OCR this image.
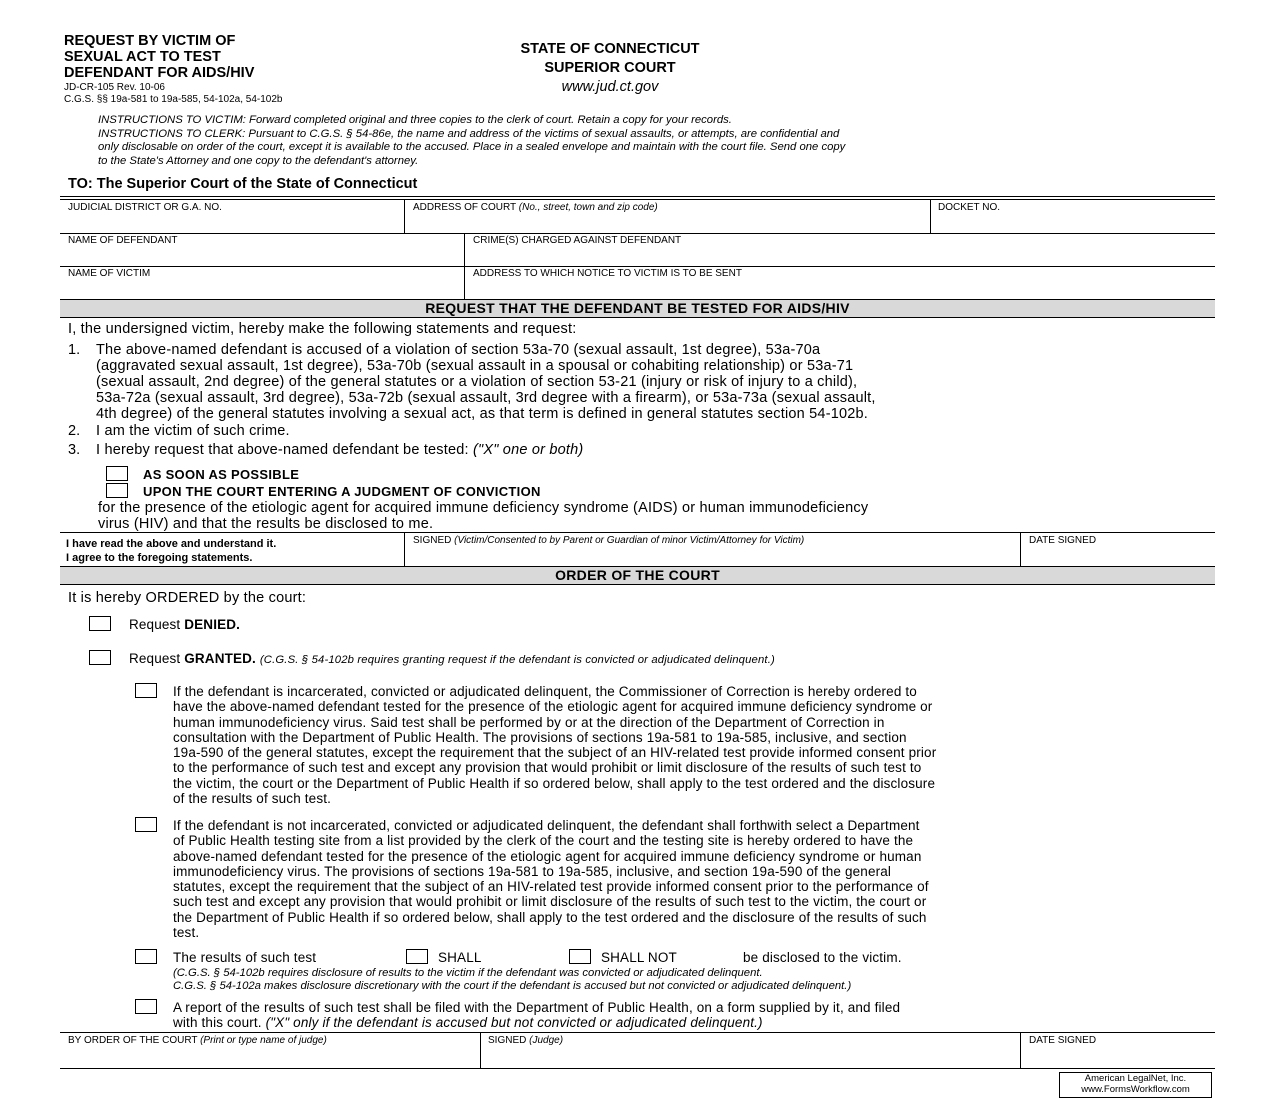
REQUEST BY VICTIM OF
SEXUAL ACT TO TEST
DEFENDANT FOR AIDS/HIV
JD-CR-105 Rev. 10-06
C.G.S. §§ 19a-581 to 19a-585, 54-102a, 54-102b
STATE OF CONNECTICUT
SUPERIOR COURT
www.jud.ct.gov
INSTRUCTIONS TO VICTIM: Forward completed original and three copies to the clerk of court. Retain a copy for your records.
INSTRUCTIONS TO CLERK: Pursuant to C.G.S. § 54-86e, the name and address of the victims of sexual assaults, or attempts, are confidential and
only disclosable on order of the court, except it is available to the accused. Place in a sealed envelope and maintain with the court file. Send one copy
to the State's Attorney and one copy to the defendant's attorney.
TO: The Superior Court of the State of Connecticut
JUDICIAL DISTRICT OR G.A. NO.	ADDRESS OF COURT (No., street, town and zip code)	DOCKET NO.
NAME OF DEFENDANT	CRIME(S) CHARGED AGAINST DEFENDANT
NAME OF VICTIM	ADDRESS TO WHICH NOTICE TO VICTIM IS TO BE SENT
REQUEST THAT THE DEFENDANT BE TESTED FOR AIDS/HIV
I, the undersigned victim, hereby make the following statements and request:
1. The above-named defendant is accused of a violation of section 53a-70 (sexual assault, 1st degree), 53a-70a
(aggravated sexual assault, 1st degree), 53a-70b (sexual assault in a spousal or cohabiting relationship) or 53a-71
(sexual assault, 2nd degree) of the general statutes or a violation of section 53-21 (injury or risk of injury to a child),
53a-72a (sexual assault, 3rd degree), 53a-72b (sexual assault, 3rd degree with a firearm), or 53a-73a (sexual assault,
4th degree) of the general statutes involving a sexual act, as that term is defined in general statutes section 54-102b.
2. I am the victim of such crime.
3. I hereby request that above-named defendant be tested: ("X" one or both)
AS SOON AS POSSIBLE
UPON THE COURT ENTERING A JUDGMENT OF CONVICTION
for the presence of the etiologic agent for acquired immune deficiency syndrome (AIDS) or human immunodeficiency
virus (HIV) and that the results be disclosed to me.
I have read the above and understand it.
I agree to the foregoing statements.
SIGNED (Victim/Consented to by Parent or Guardian of minor Victim/Attorney for Victim)	DATE SIGNED
ORDER OF THE COURT
It is hereby ORDERED by the court:
Request DENIED.
Request GRANTED. (C.G.S. § 54-102b requires granting request if the defendant is convicted or adjudicated delinquent.)
If the defendant is incarcerated, convicted or adjudicated delinquent, the Commissioner of Correction is hereby ordered to
have the above-named defendant tested for the presence of the etiologic agent for acquired immune deficiency syndrome or
human immunodeficiency virus. Said test shall be performed by or at the direction of the Department of Correction in
consultation with the Department of Public Health. The provisions of sections 19a-581 to 19a-585, inclusive, and section
19a-590 of the general statutes, except the requirement that the subject of an HIV-related test provide informed consent prior
to the performance of such test and except any provision that would prohibit or limit disclosure of the results of such test to
the victim, the court or the Department of Public Health if so ordered below, shall apply to the test ordered and the disclosure
of the results of such test.
If the defendant is not incarcerated, convicted or adjudicated delinquent, the defendant shall forthwith select a Department
of Public Health testing site from a list provided by the clerk of the court and the testing site is hereby ordered to have the
above-named defendant tested for the presence of the etiologic agent for acquired immune deficiency syndrome or human
immunodeficiency virus. The provisions of sections 19a-581 to 19a-585, inclusive, and section 19a-590 of the general
statutes, except the requirement that the subject of an HIV-related test provide informed consent prior to the performance of
such test and except any provision that would prohibit or limit disclosure of the results of such test to the victim, the court or
the Department of Public Health if so ordered below, shall apply to the test ordered and the disclosure of the results of such
test.
The results of such test	SHALL	SHALL NOT	be disclosed to the victim.
(C.G.S. § 54-102b requires disclosure of results to the victim if the defendant was convicted or adjudicated delinquent.
C.G.S. § 54-102a makes disclosure discretionary with the court if the defendant is accused but not convicted or adjudicated delinquent.)
A report of the results of such test shall be filed with the Department of Public Health, on a form supplied by it, and filed
with this court. ("X" only if the defendant is accused but not convicted or adjudicated delinquent.)
BY ORDER OF THE COURT (Print or type name of judge)	SIGNED (Judge)	DATE SIGNED
American LegalNet, Inc.
www.FormsWorkflow.com
